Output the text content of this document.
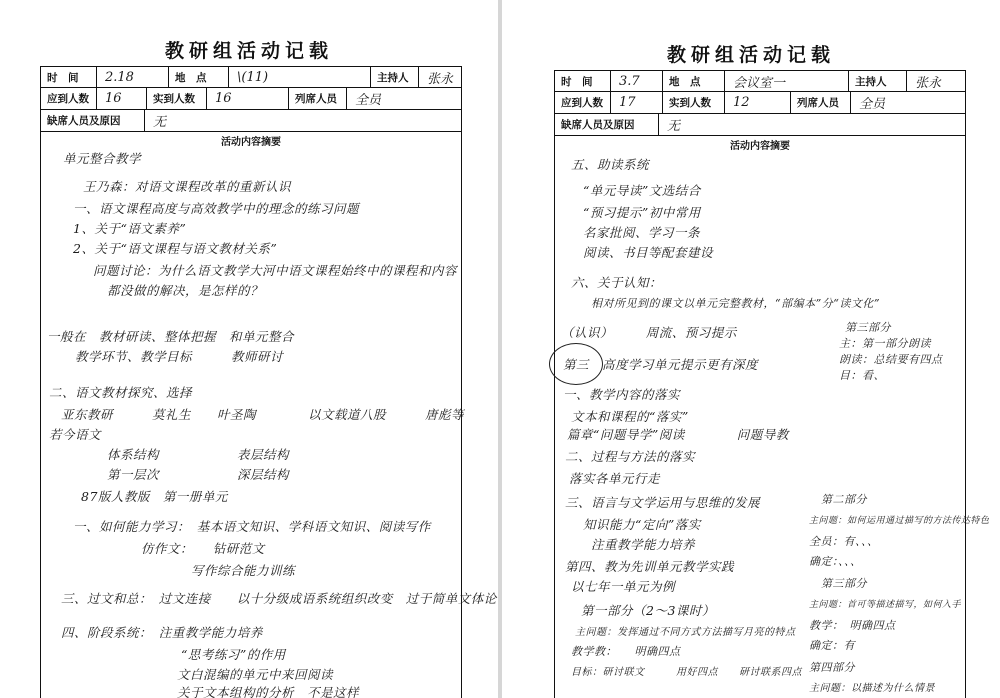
教研组活动记载
时　间	2.18	地　点	\(11)	主持人	张永
应到人数	16	实到人数	16	列席人员	全员
缺席人员及原因	无
活动内容摘要
单元整合教学
王乃森：对语文课程改革的重新认识
一、语文课程高度与高效教学中的理念的练习问题
1、关于“语文素养”
2、关于“语文课程与语文教材关系”
问题讨论：为什么语文教学大河中语文课程始终中的课程和内容
都没做的解决，是怎样的？
一般在　教材研读、整体把握　和单元整合
教学环节、教学目标　　　教师研讨
二、语文教材探究、选择
亚东教研　　　莫礼生　　叶圣陶　　　　以文载道八股　　　唐彪等
若今语文
体系结构　　　　　　表层结构
第一层次　　　　　　深层结构
87版人教版　第一册单元
一、如何能力学习：　基本语文知识、学科语文知识、阅读写作
仿作文：　　钻研范文
写作综合能力训练
三、过文和总：　过文连接　　以十分级成语系统组织改变　过于简单文体论
四、阶段系统：　注重教学能力培养
“思考练习”的作用
文白混编的单元中来回阅读
关于文本组构的分析　不是这样
教研组活动记载
时　间	3.7	地　点	会议室一	主持人	张永
应到人数	17	实到人数	12	列席人员	全员
缺席人员及原因	无
活动内容摘要
五、助读系统
“单元导读”文选结合
“预习提示”初中常用
名家批阅、学习一条
阅读、书目等配套建设
六、关于认知：
相对所见到的课文以单元完整教材，“部编本”分“读文化”
（认识）　　　周流、预习提示
第三　高度学习单元提示更有深度
一、教学内容的落实
文本和课程的“落实”
篇章“问题导学”阅读　　　　问题导教
二、过程与方法的落实
落实各单元行走
三、语言与文学运用与思维的发展
知识能力“定向”落实
注重教学能力培养
第四、教为先训单元教学实践
以七年一单元为例
第一部分（2～3课时）
主问题：发挥通过不同方式方法描写月亮的特点
教学教：　　明确四点
目标：研讨联文　　　用好四点　　研讨联系四点
第三部分
主：第一部分朗读
朗读：总结要有四点
目：看、
第二部分
主问题：如何运用通过描写的方法传达特色
全员：有、、、
确定：、、、
第三部分
主问题：首可等描述描写，如何入手
教学：　明确四点
确定：有
第四部分
主问题：以描述为什么情景
